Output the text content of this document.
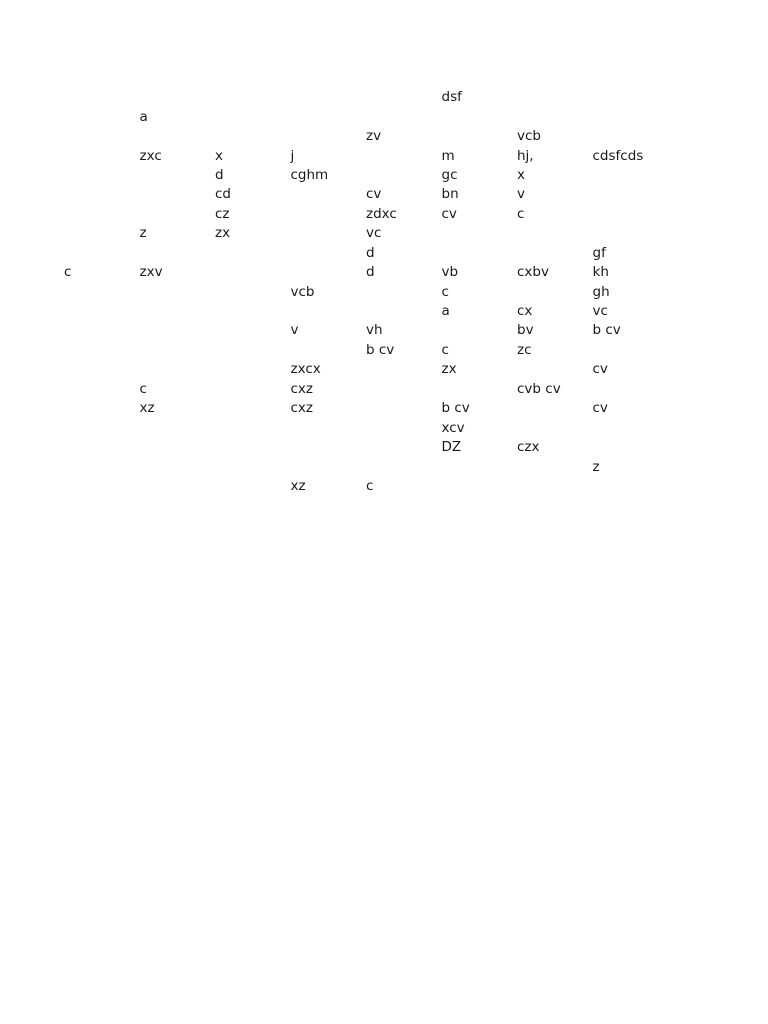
					dsf		
	a						
				zv		vcb	
	zxc	x	j		m	hj,	cdsfcds
		d	cghm		gc	x	
		cd		cv	bn	v	
		cz		zdxc	cv	c	
	z	zx		vc			
				d			gf
c	zxv			d	vb	cxbv	kh
			vcb		c		gh
					a	cx	vc
			v	vh		bv	b cv
				b cv	c	zc	
			zxcx		zx		cv
	c		cxz			cvb cv	
	xz		cxz		b cv		cv
					xcv		
					DZ	czx	
							z
			xz	c			
